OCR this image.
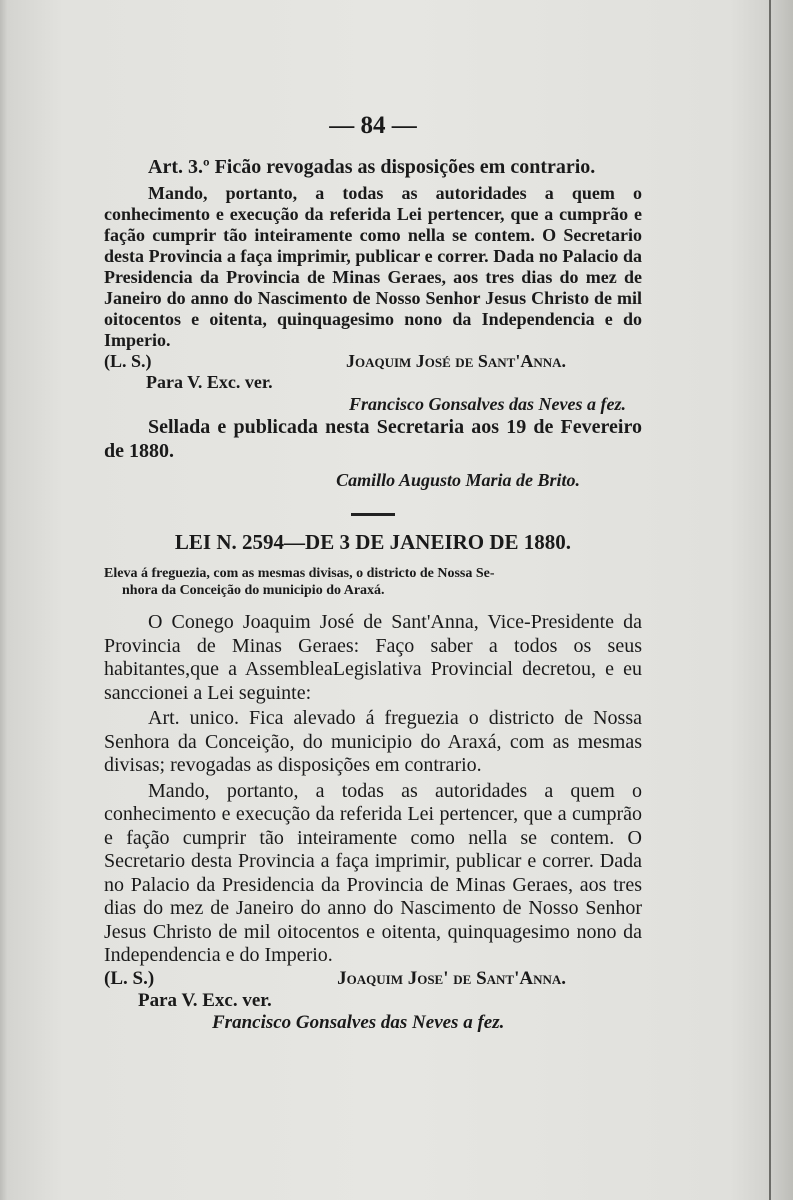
— 84 —

Art. 3.º Ficão revogadas as disposições em contrario.

Mando, portanto, a todas as autoridades a quem o conhecimento e execução da referida Lei pertencer, que a cumprão e fação cumprir tão inteiramente como nella se contem. O Secretario desta Provincia a faça imprimir, publicar e correr. Dada no Palacio da Presidencia da Provincia de Minas Geraes, aos tres dias do mez de Janeiro do anno do Nascimento de Nosso Senhor Jesus Christo de mil oitocentos e oitenta, quinquagesimo nono da Independencia e do Imperio.

(L. S.)	Joaquim José de Sant'Anna.
Para V. Exc. ver.
Francisco Gonsalves das Neves a fez.

Sellada e publicada nesta Secretaria aos 19 de Fevereiro de 1880.

Camillo Augusto Maria de Brito.
LEI N. 2594—DE 3 DE JANEIRO DE 1880.
Eleva á freguezia, com as mesmas divisas, o districto de Nossa Se-
nhora da Conceição do municipio do Araxá.

O Conego Joaquim José de Sant'Anna, Vice-Presidente da Provincia de Minas Geraes: Faço saber a todos os seus habitantes,que a AssembleaLegislativa Provincial decretou, e eu sanccionei a Lei seguinte:

Art. unico. Fica alevado á freguezia o districto de Nossa Senhora da Conceição, do municipio do Araxá, com as mesmas divisas; revogadas as disposições em contrario.

Mando, portanto, a todas as autoridades a quem o conhecimento e execução da referida Lei pertencer, que a cumprão e fação cumprir tão inteiramente como nella se contem. O Secretario desta Provincia a faça imprimir, publicar e correr. Dada no Palacio da Presidencia da Provincia de Minas Geraes, aos tres dias do mez de Janeiro do anno do Nascimento de Nosso Senhor Jesus Christo de mil oitocentos e oitenta, quinquagesimo nono da Independencia e do Imperio.

(L. S.)	Joaquim Jose' de Sant'Anna.
Para V. Exc. ver.
Francisco Gonsalves das Neves a fez.
